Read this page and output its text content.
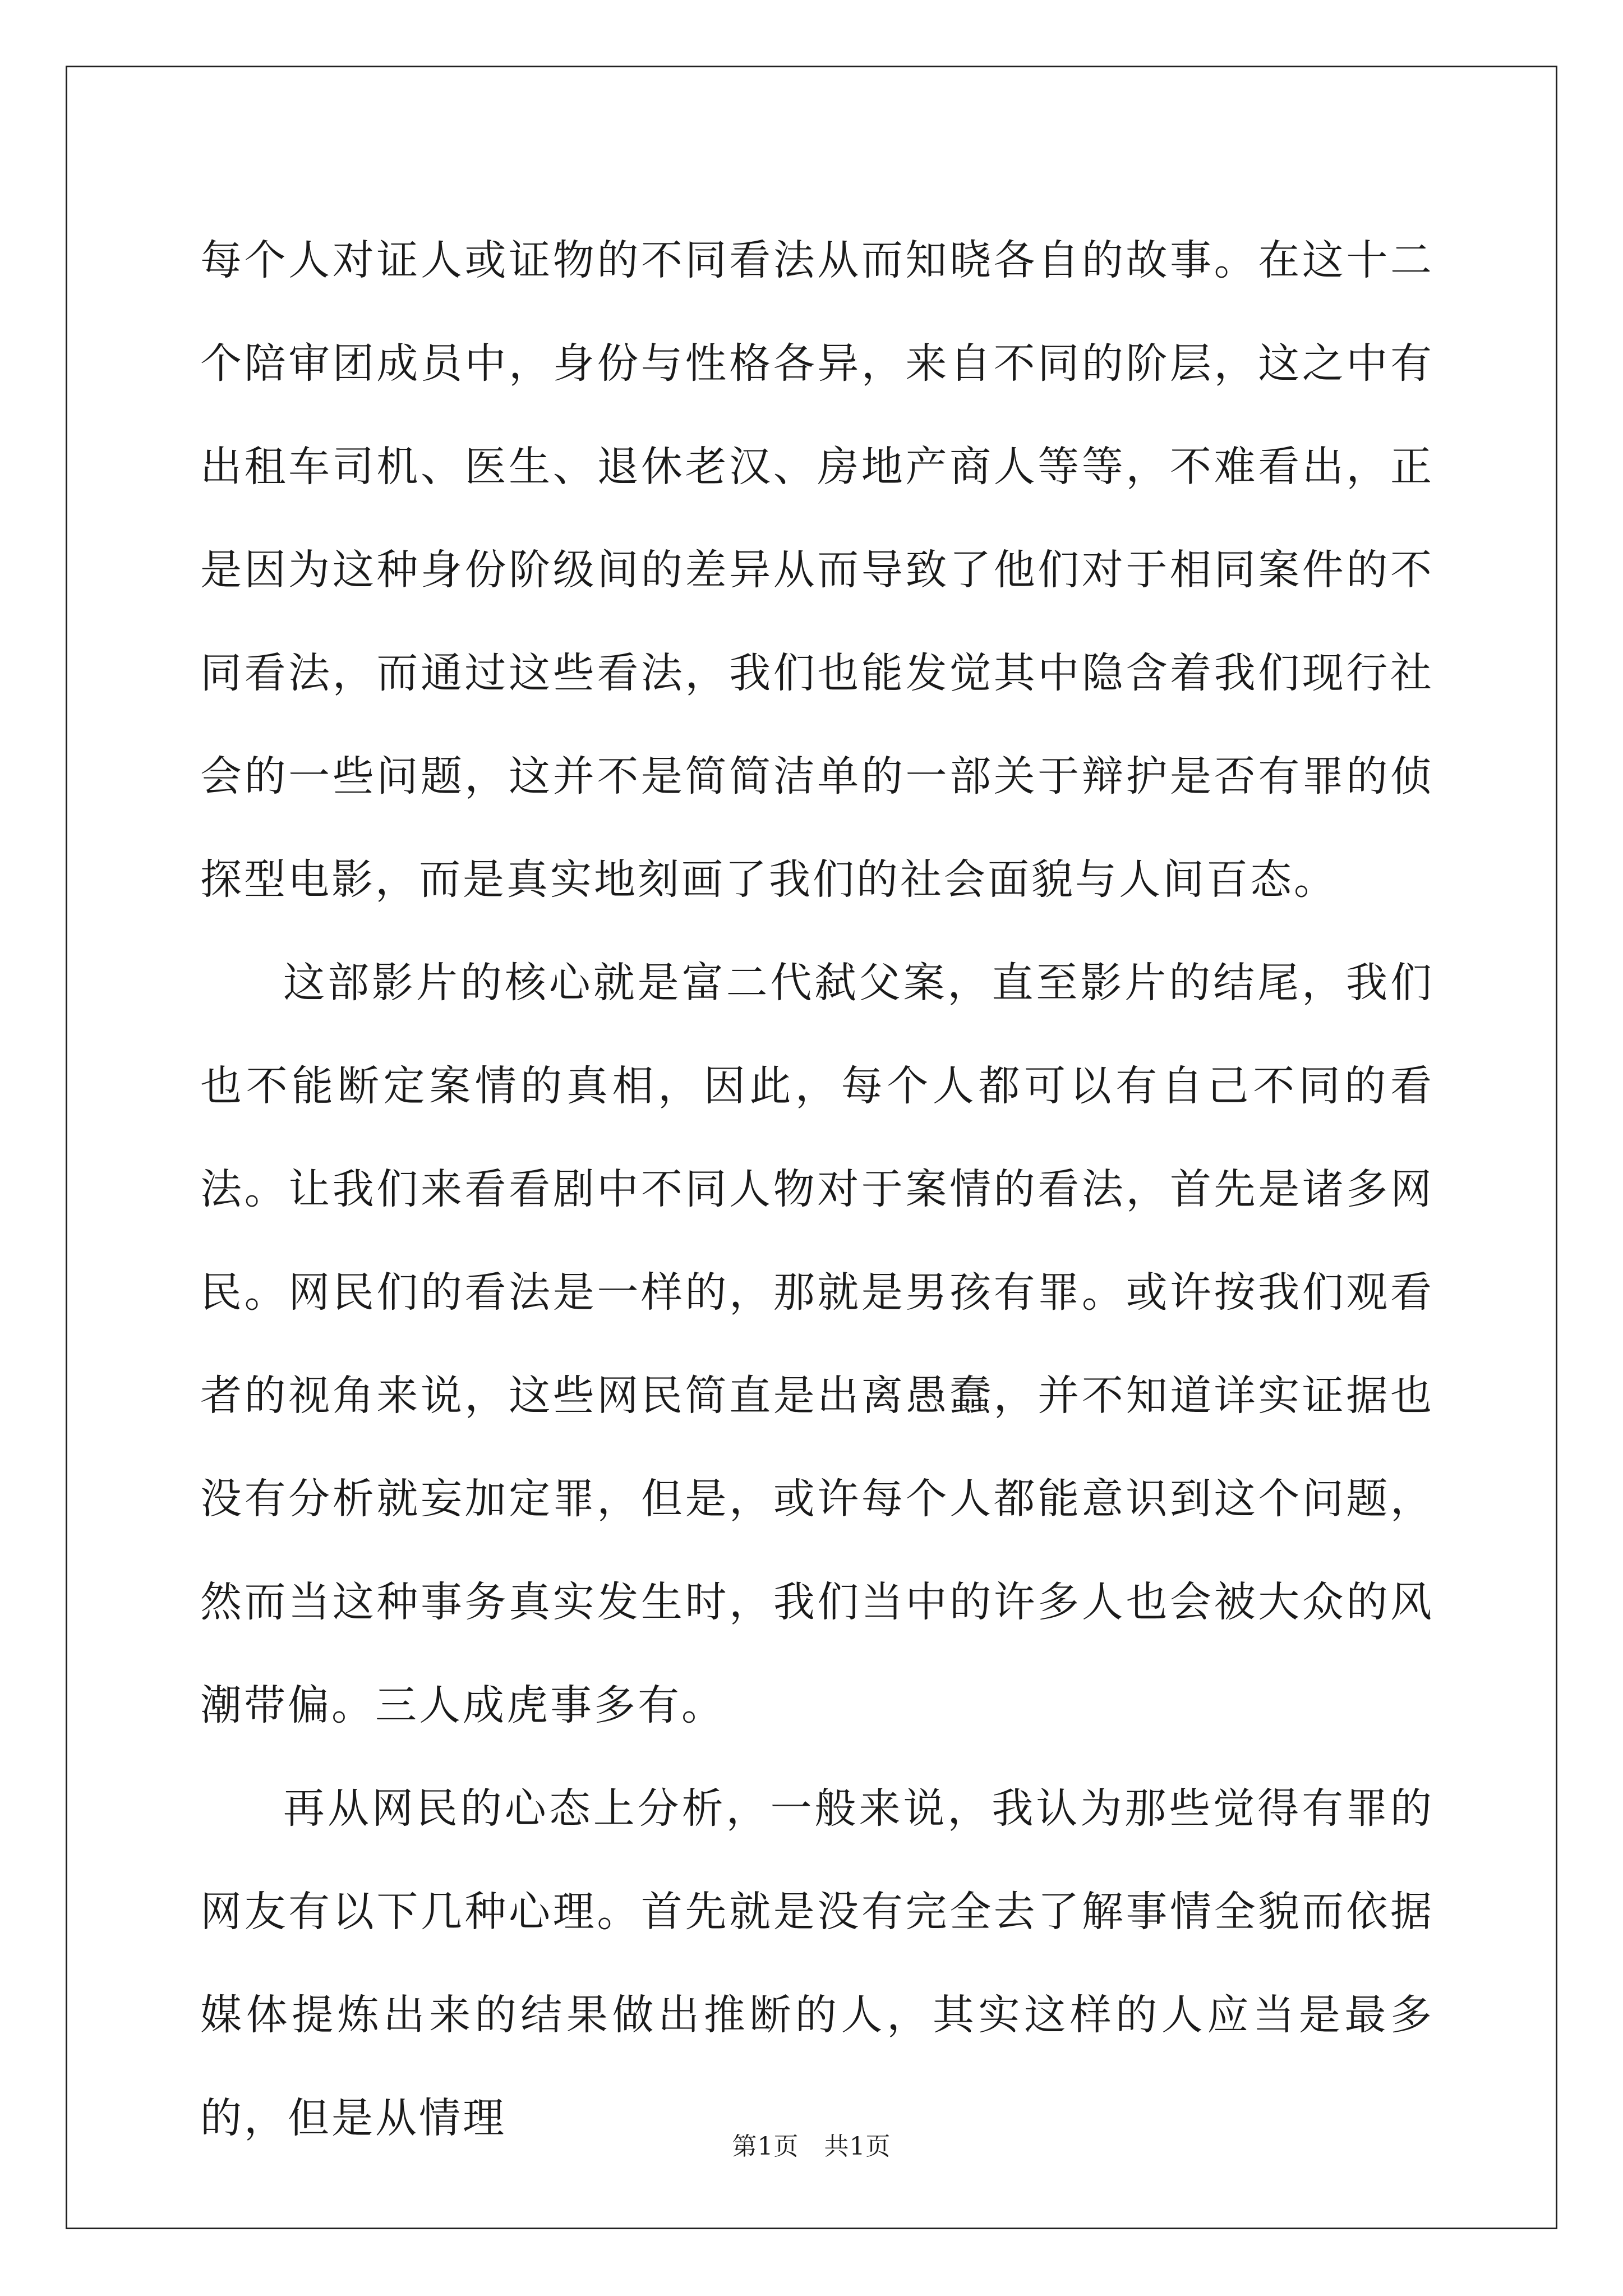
每个人对证人或证物的不同看法从而知晓各自的故事。在这十二个陪审团成员中，身份与性格各异，来自不同的阶层，这之中有出租车司机、医生、退休老汉、房地产商人等等，不难看出，正是因为这种身份阶级间的差异从而导致了他们对于相同案件的不同看法，而通过这些看法，我们也能发觉其中隐含着我们现行社会的一些问题，这并不是简简洁单的一部关于辩护是否有罪的侦探型电影，而是真实地刻画了我们的社会面貌与人间百态。

这部影片的核心就是富二代弑父案，直至影片的结尾，我们也不能断定案情的真相，因此，每个人都可以有自己不同的看法。让我们来看看剧中不同人物对于案情的看法，首先是诸多网民。网民们的看法是一样的，那就是男孩有罪。或许按我们观看者的视角来说，这些网民简直是出离愚蠢，并不知道详实证据也没有分析就妄加定罪，但是，或许每个人都能意识到这个问题，然而当这种事务真实发生时，我们当中的许多人也会被大众的风潮带偏。三人成虎事多有。

再从网民的心态上分析，一般来说，我认为那些觉得有罪的网友有以下几种心理。首先就是没有完全去了解事情全貌而依据媒体提炼出来的结果做出推断的人，其实这样的人应当是最多的，但是从情理

第1页 共1页
